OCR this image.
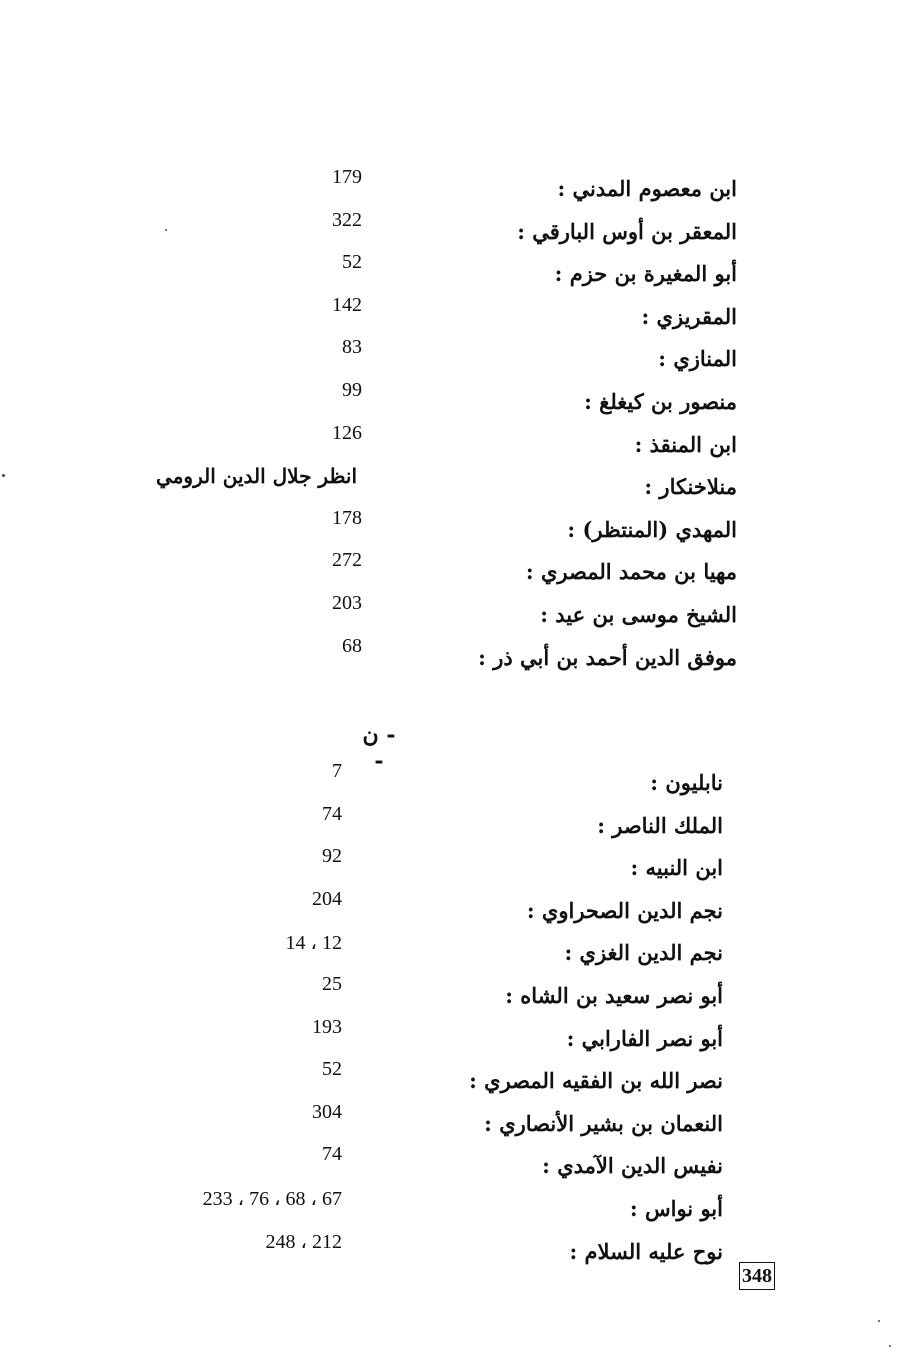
ابن معصوم المدني :
179
المعقر بن أوس البارقي :
322
أبو المغيرة بن حزم :
52
المقريزي :
142
المنازي :
83
منصور بن كيغلغ :
99
ابن المنقذ :
126
منلاخنكار :
انظر جلال الدين الرومي
المهدي (المنتظر) :
178
مهيا بن محمد المصري :
272
الشيخ موسى بن عيد :
203
موفق الدين أحمد بن أبي ذر :
68
- ن -
نابليون :
7
الملك الناصر :
74
ابن النبيه :
92
نجم الدين الصحراوي :
204
نجم الدين الغزي :
12 ، 14
أبو نصر سعيد بن الشاه :
25
أبو نصر الفارابي :
193
نصر الله بن الفقيه المصري :
52
النعمان بن بشير الأنصاري :
304
نفيس الدين الآمدي :
74
أبو نواس :
67 ، 68 ، 76 ، 233
نوح عليه السلام :
212 ، 248
348
